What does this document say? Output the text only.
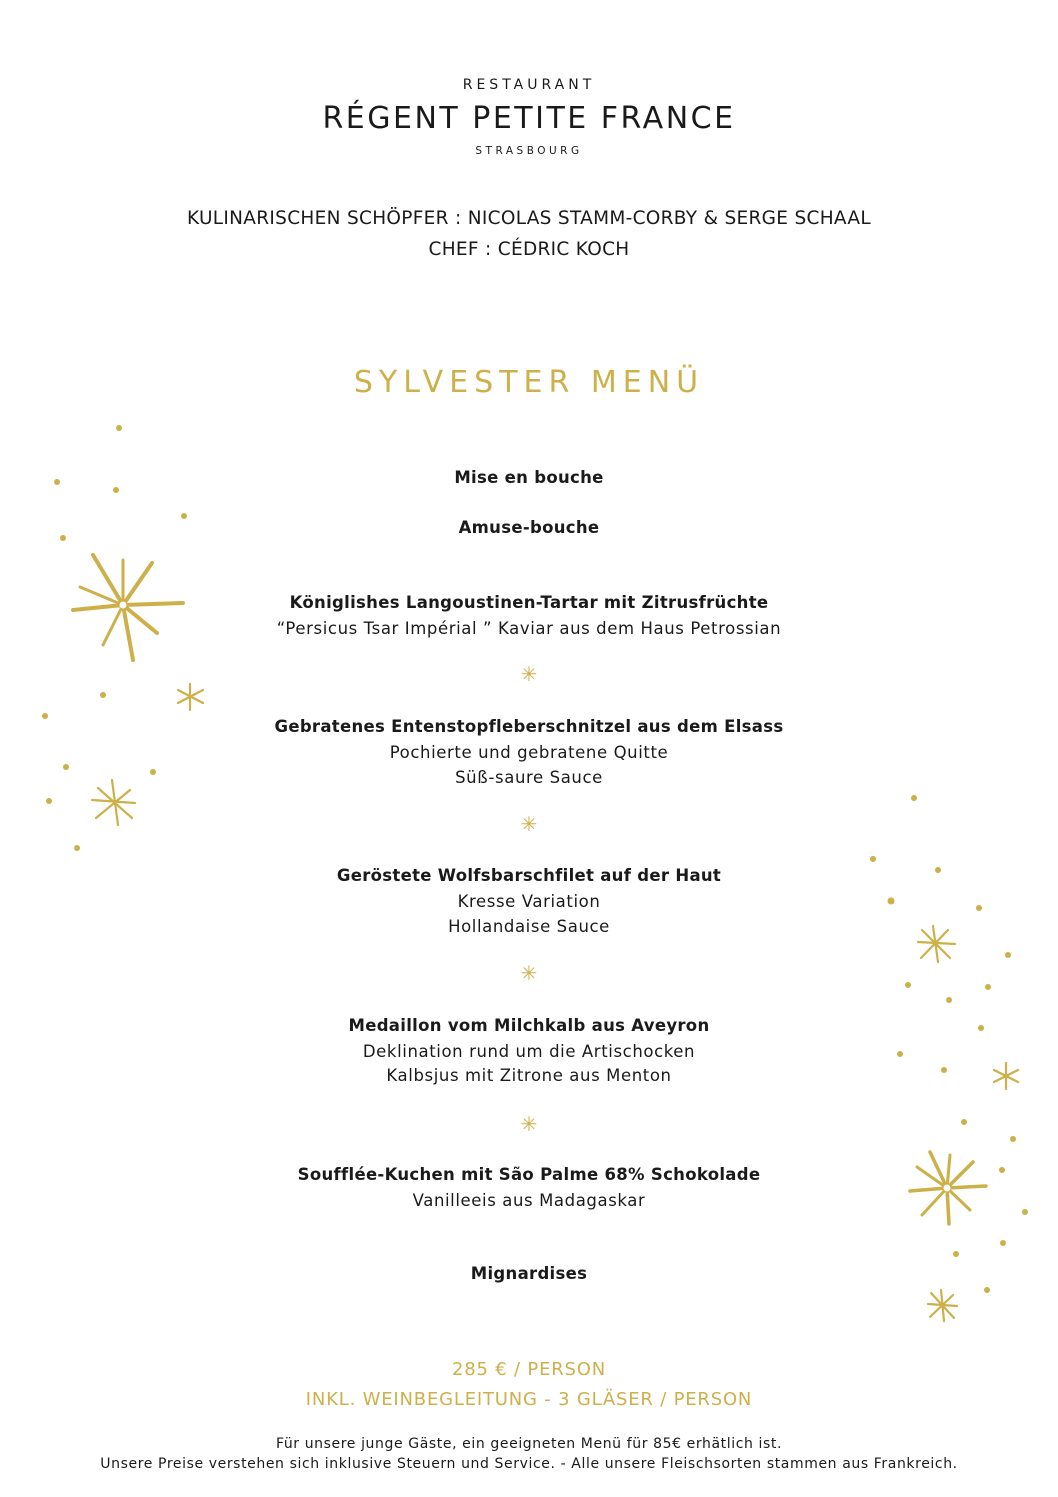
RESTAURANT
RÉGENT PETITE FRANCE
STRASBOURG
KULINARISCHEN SCHÖPFER : NICOLAS STAMM-CORBY & SERGE SCHAAL
CHEF : CÉDRIC KOCH
SYLVESTER MENÜ
Mise en bouche
Amuse-bouche
Königlishes Langoustinen-Tartar mit Zitrusfrüchte
“Persicus Tsar Impérial ” Kaviar aus dem Haus Petrossian
✳
Gebratenes Entenstopfleberschnitzel aus dem Elsass
Pochierte und gebratene Quitte
Süß-saure Sauce
✳
Geröstete Wolfsbarschfilet auf der Haut
Kresse Variation
Hollandaise Sauce
✳
Medaillon vom Milchkalb aus Aveyron
Deklination rund um die Artischocken
Kalbsjus mit Zitrone aus Menton
✳
Soufflée-Kuchen mit São Palme 68% Schokolade
Vanilleeis aus Madagaskar
Mignardises
285 € / PERSON
INKL. WEINBEGLEITUNG - 3 GLÄSER / PERSON
Für unsere junge Gäste, ein geeigneten Menü für 85€ erhätlich ist.
Unsere Preise verstehen sich inklusive Steuern und Service. - Alle unsere Fleischsorten stammen aus Frankreich.
